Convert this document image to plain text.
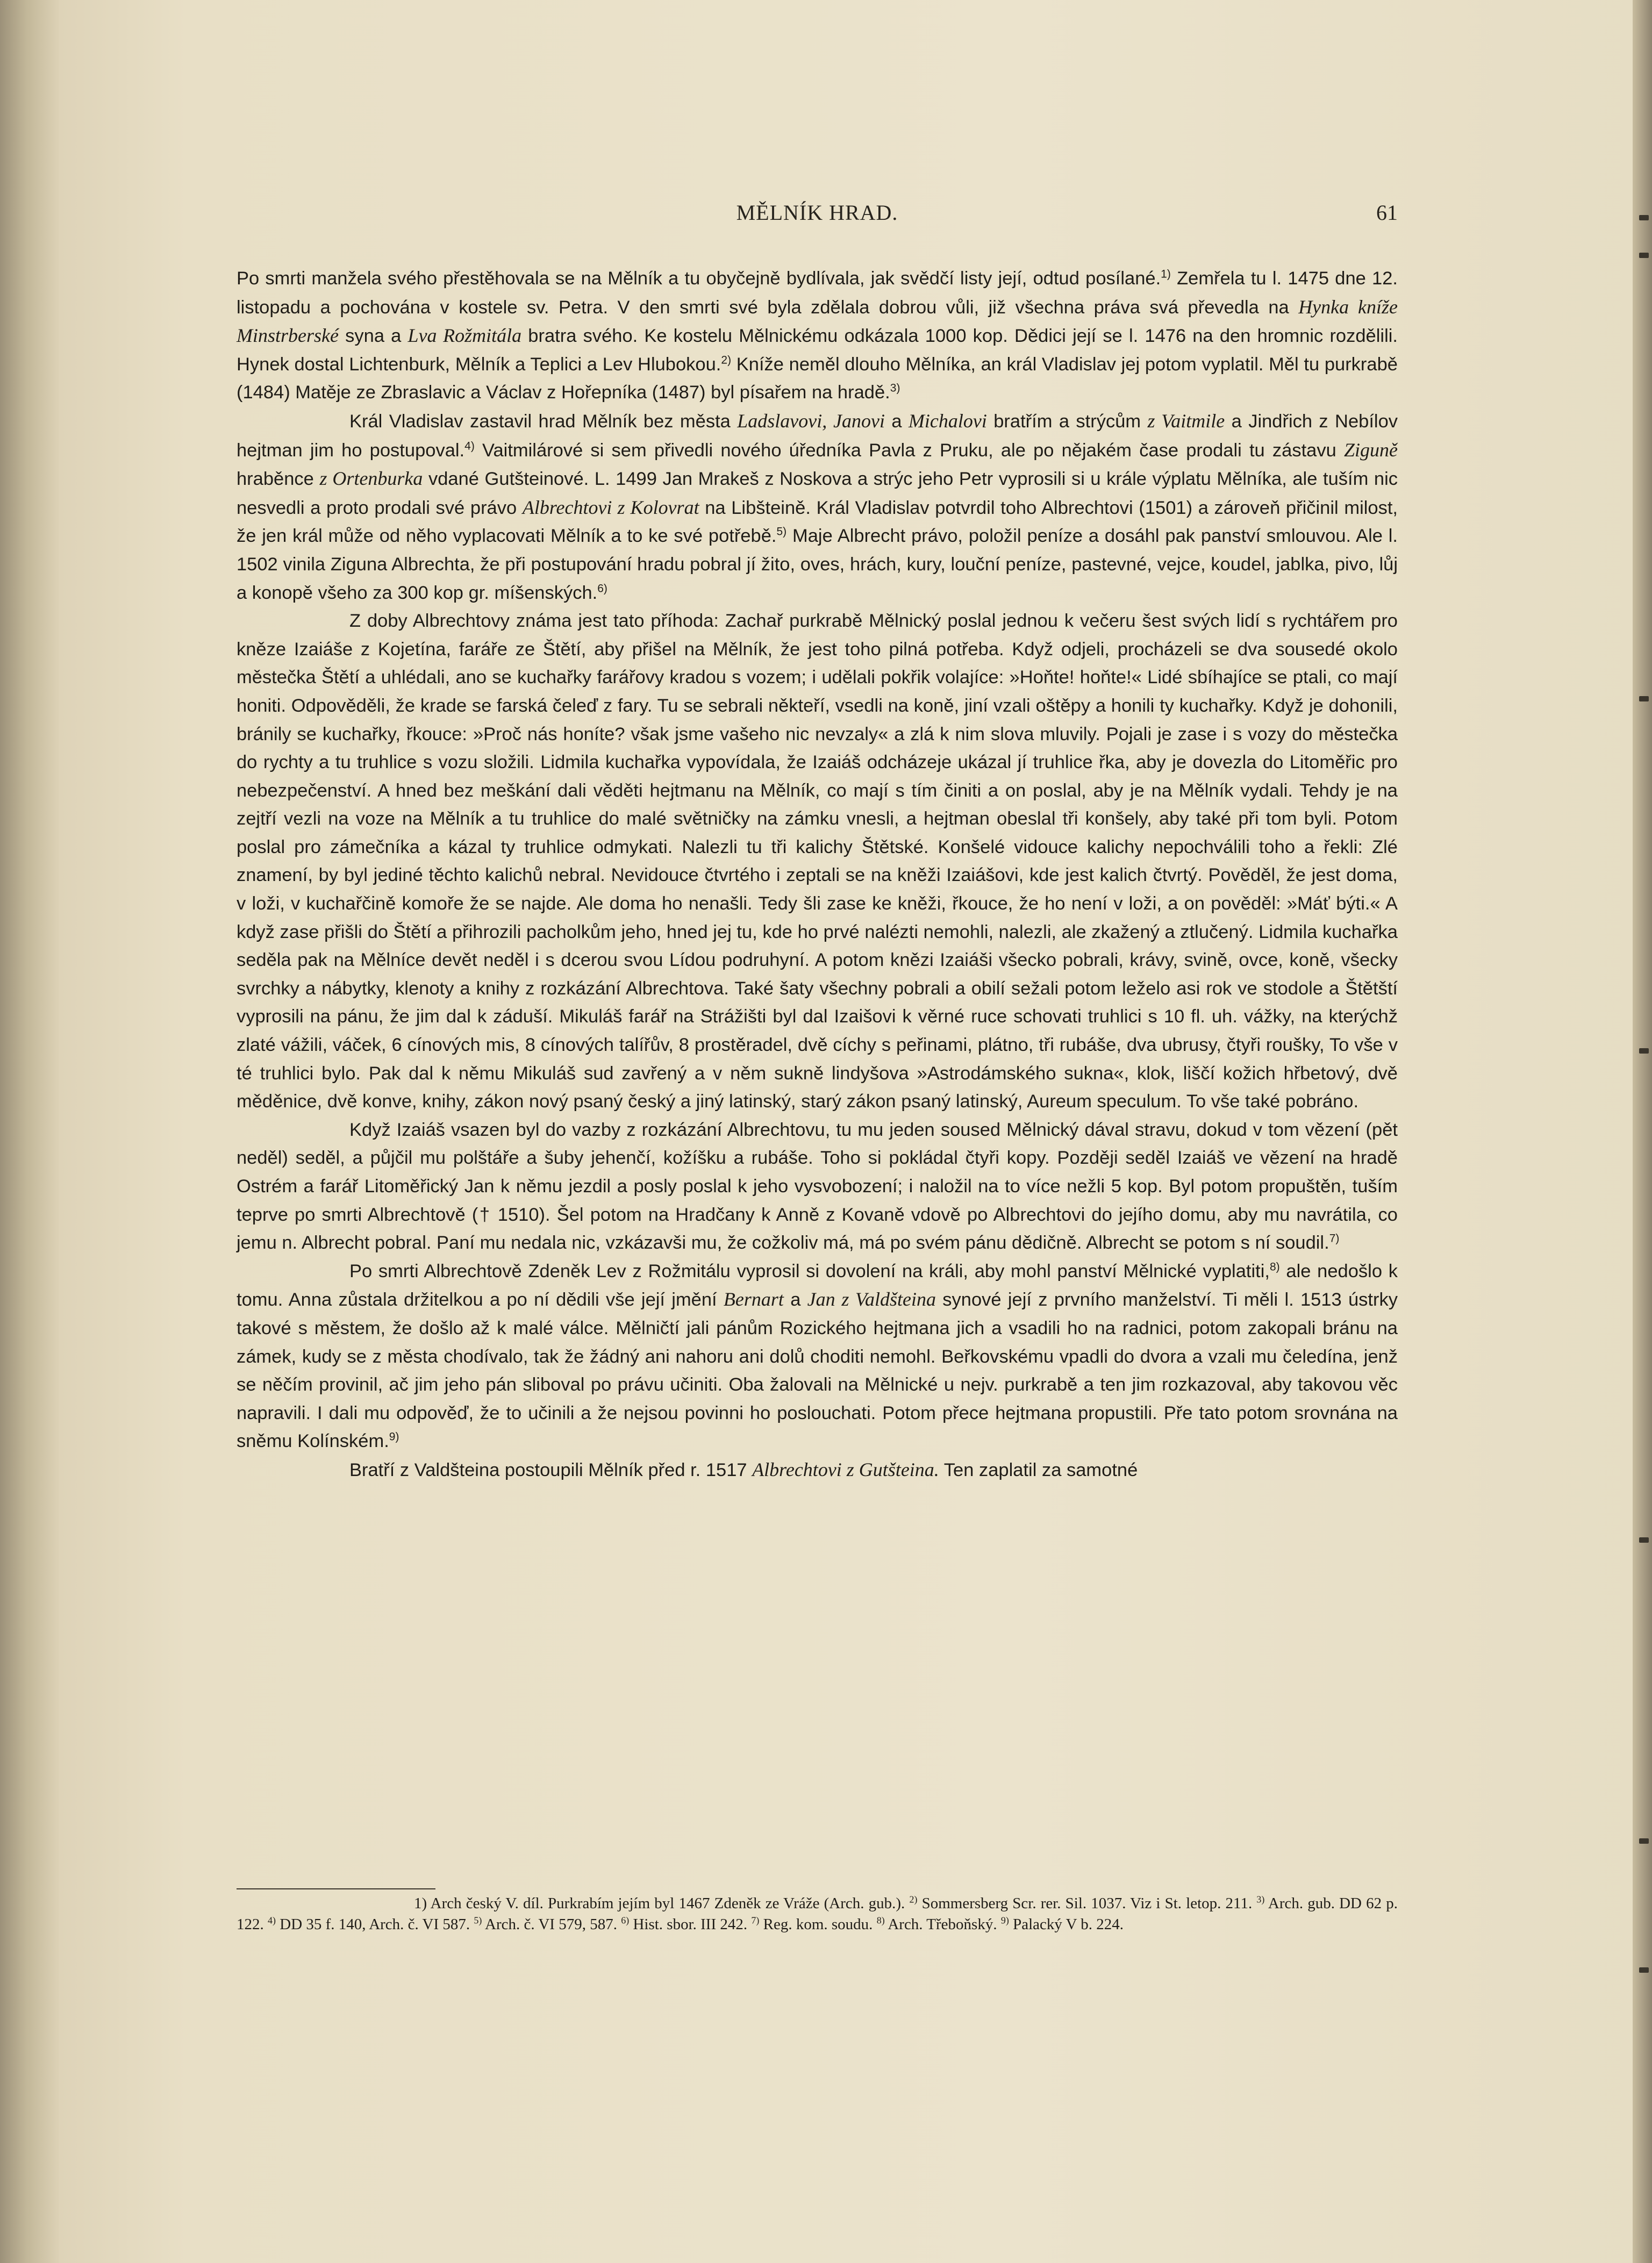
MĚLNÍK HRAD.	61

Po smrti manžela svého přestěhovala se na Mělník a tu obyčejně bydlívala, jak svědčí listy její, odtud posílané.$^{1)}$ Zemřela tu l. 1475 dne 12. listopadu a pochována v kostele sv. Petra. V den smrti své byla zdělala dobrou vůli, již všechna práva svá převedla na Hynka kníže Minstrberské syna a Lva Rožmitála bratra svého. Ke kostelu Mělnickému odkázala 1000 kop. Dědici její se l. 1476 na den hromnic rozdělili. Hynek dostal Lichtenburk, Mělník a Teplici a Lev Hlubokou.$^{2)}$ Kníže neměl dlouho Mělníka, an král Vladislav jej potom vyplatil. Měl tu purkrabě (1484) Matěje ze Zbraslavic a Václav z Hořepníka (1487) byl písařem na hradě.$^{3)}$

Král Vladislav zastavil hrad Mělník bez města Ladslavovi, Janovi a Michalovi bratřím a strýcům z Vaitmile a Jindřich z Nebílov hejtman jim ho postupoval.$^{4)}$ Vaitmilárové si sem přivedli nového úředníka Pavla z Pruku, ale po nějakém čase prodali tu zástavu Ziguně hraběnce z Ortenburka vdané Gutšteinové. L. 1499 Jan Mrakeš z Noskova a strýc jeho Petr vyprosili si u krále výplatu Mělníka, ale tuším nic nesvedli a proto prodali své právo Albrechtovi z Kolovrat na Libšteině. Král Vladislav potvrdil toho Albrechtovi (1501) a zároveň přičinil milost, že jen král může od něho vyplacovati Mělník a to ke své potřebě.$^{5)}$ Maje Albrecht právo, položil peníze a dosáhl pak panství smlouvou. Ale l. 1502 vinila Ziguna Albrechta, že při postupování hradu pobral jí žito, oves, hrách, kury, louční peníze, pastevné, vejce, koudel, jablka, pivo, lůj a konopě všeho za 300 kop gr. míšenských.$^{6)}$

Z doby Albrechtovy známa jest tato příhoda: Zachař purkrabě Mělnický poslal jednou k večeru šest svých lidí s rychtářem pro kněze Izaiáše z Kojetína, faráře ze Štětí, aby přišel na Mělník, že jest toho pilná potřeba. Když odjeli, procházeli se dva sousedé okolo městečka Štětí a uhlédali, ano se kuchařky farářovy kradou s vozem; i udělali pokřik volajíce: »Hoňte! hoňte!« Lidé sbíhajíce se ptali, co mají honiti. Odpověděli, že krade se farská čeleď z fary. Tu se sebrali někteří, vsedli na koně, jiní vzali oštěpy a honili ty kuchařky. Když je dohonili, bránily se kuchařky, řkouce: »Proč nás honíte? však jsme vašeho nic nevzaly« a zlá k nim slova mluvily. Pojali je zase i s vozy do městečka do rychty a tu truhlice s vozu složili. Lidmila kuchařka vypovídala, že Izaiáš odcházeje ukázal jí truhlice řka, aby je dovezla do Litoměřic pro nebezpečenství. A hned bez meškání dali věděti hejtmanu na Mělník, co mají s tím činiti a on poslal, aby je na Mělník vydali. Tehdy je na zejtří vezli na voze na Mělník a tu truhlice do malé světničky na zámku vnesli, a hejtman obeslal tři konšely, aby také při tom byli. Potom poslal pro zámečníka a kázal ty truhlice odmykati. Nalezli tu tři kalichy Štětské. Konšelé vidouce kalichy nepochválili toho a řekli: Zlé znamení, by byl jediné těchto kalichů nebral. Nevidouce čtvrtého i zeptali se na kněži Izaiášovi, kde jest kalich čtvrtý. Pověděl, že jest doma, v loži, v kuchařčině komoře že se najde. Ale doma ho nenašli. Tedy šli zase ke kněži, řkouce, že ho není v loži, a on pověděl: »Máť býti.« A když zase přišli do Štětí a přihrozili pacholkům jeho, hned jej tu, kde ho prvé nalézti nemohli, nalezli, ale zkažený a ztlučený. Lidmila kuchařka seděla pak na Mělníce devět neděl i s dcerou svou Lídou podruhyní. A potom knězi Izaiáši všecko pobrali, krávy, svině, ovce, koně, všecky svrchky a nábytky, klenoty a knihy z rozkázání Albrechtova. Také šaty všechny pobrali a obilí sežali potom leželo asi rok ve stodole a Štětští vyprosili na pánu, že jim dal k záduší. Mikuláš farář na Strážišti byl dal Izaišovi k věrné ruce schovati truhlici s 10 fl. uh. vážky, na kterýchž zlaté vážili, váček, 6 cínových mis, 8 cínových talířův, 8 prostěradel, dvě cíchy s peřinami, plátno, tři rubáše, dva ubrusy, čtyři roušky, To vše v té truhlici bylo. Pak dal k němu Mikuláš sud zavřený a v něm sukně lindyšova »Astrodámského sukna«, klok, liščí kožich hřbetový, dvě měděnice, dvě konve, knihy, zákon nový psaný český a jiný latinský, starý zákon psaný latinský, Aureum speculum. To vše také pobráno.

Když Izaiáš vsazen byl do vazby z rozkázání Albrechtovu, tu mu jeden soused Mělnický dával stravu, dokud v tom vězení (pět neděl) seděl, a půjčil mu polštáře a šuby jehenčí, kožíšku a rubáše. Toho si pokládal čtyři kopy. Později seděl Izaiáš ve vězení na hradě Ostrém a farář Litoměřický Jan k němu jezdil a posly poslal k jeho vysvobození; i naložil na to více nežli 5 kop. Byl potom propuštěn, tuším teprve po smrti Albrechtově († 1510). Šel potom na Hradčany k Anně z Kovaně vdově po Albrechtovi do jejího domu, aby mu navrátila, co jemu n. Albrecht pobral. Paní mu nedala nic, vzkázavši mu, že cožkoliv má, má po svém pánu dědičně. Albrecht se potom s ní soudil.$^{7)}$

Po smrti Albrechtově Zdeněk Lev z Rožmitálu vyprosil si dovolení na králi, aby mohl panství Mělnické vyplatiti,$^{8)}$ ale nedošlo k tomu. Anna zůstala držitelkou a po ní dědili vše její jmění Bernart a Jan z Valdšteina synové její z prvního manželství. Ti měli l. 1513 ústrky takové s městem, že došlo až k malé válce. Mělničtí jali pánům Rozického hejtmana jich a vsadili ho na radnici, potom zakopali bránu na zámek, kudy se z města chodívalo, tak že žádný ani nahoru ani dolů choditi nemohl. Beřkovskému vpadli do dvora a vzali mu čeledína, jenž se něčím provinil, ač jim jeho pán sliboval po právu učiniti. Oba žalovali na Mělnické u nejv. purkrabě a ten jim rozkazoval, aby takovou věc napravili. I dali mu odpověď, že to učinili a že nejsou povinni ho poslouchati. Potom přece hejtmana propustili. Pře tato potom srovnána na sněmu Kolínském.$^{9)}$

Bratří z Valdšteina postoupili Mělník před r. 1517 Albrechtovi z Gutšteina. Ten zaplatil za samotné

1) Arch český V. díl. Purkrabím jejím byl 1467 Zdeněk ze Vráže (Arch. gub.). $^{2)}$ Sommersberg Scr. rer. Sil. 1037. Viz i St. letop. 211. $^{3)}$ Arch. gub. DD 62 p. 122. $^{4)}$ DD 35 f. 140, Arch. č. VI 587. $^{5)}$ Arch. č. VI 579, 587. $^{6)}$ Hist. sbor. III 242. $^{7)}$ Reg. kom. soudu. $^{8)}$ Arch. Třeboňský. $^{9)}$ Palacký V b. 224.
